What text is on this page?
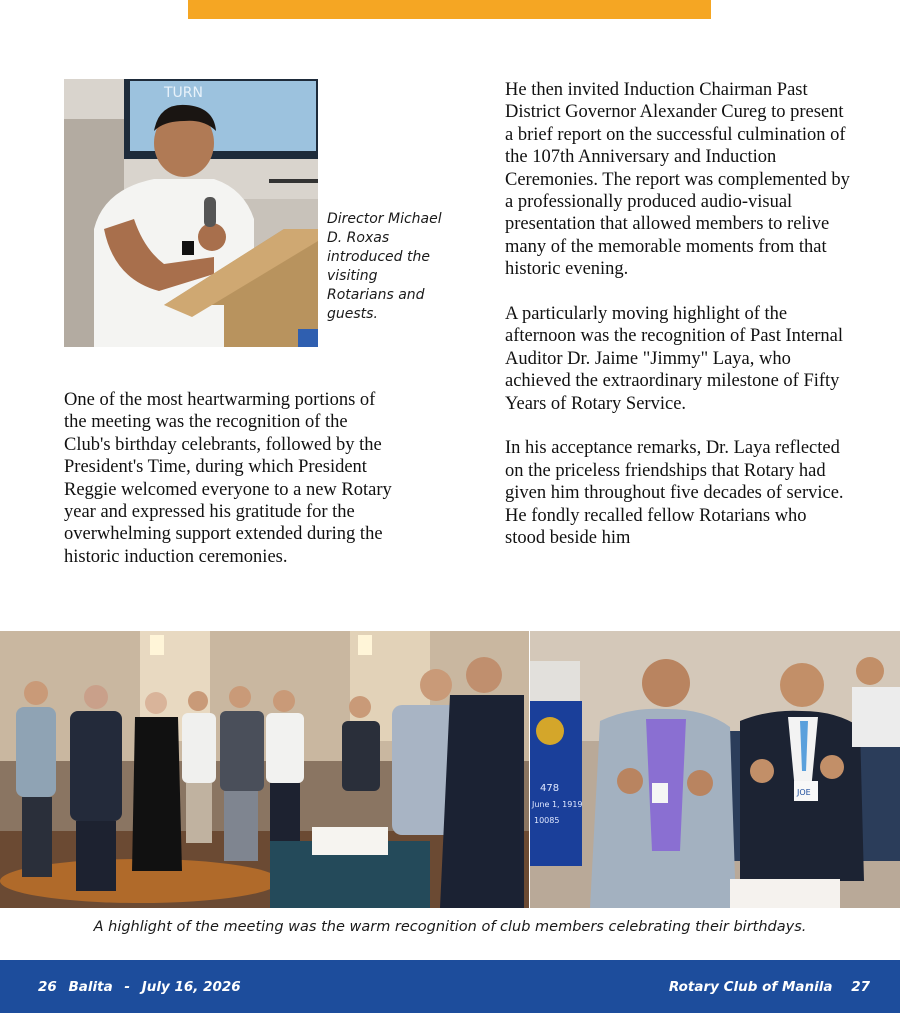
TURN
Director Michael D. Roxas introduced the visiting Rotarians and guests.

One of the most heartwarming portions of the meeting was the recognition of the Club's birthday celebrants, followed by the President's Time, during which President Reggie welcomed everyone to a new Rotary year and expressed his gratitude for the overwhelming support extended during the historic induction ceremonies.

He then invited Induction Chairman Past District Governor Alexander Cureg to present a brief report on the successful culmination of the 107th Anniversary and Induction Ceremonies. The report was complemented by a professionally produced audio-visual presentation that allowed members to relive many of the memorable moments from that historic evening.

A particularly moving highlight of the afternoon was the recognition of Past Internal Auditor Dr. Jaime "Jimmy" Laya, who achieved the extraordinary milestone of Fifty Years of Rotary Service.

In his acceptance remarks, Dr. Laya reflected on the priceless friendships that Rotary had given him throughout five decades of service. He fondly recalled fellow Rotarians who stood beside him

478
June 1, 1919
10085
JOE
A highlight of the meeting was the warm recognition of club members celebrating their birthdays.
26 Balita - July 16, 2026	Rotary Club of Manila 27
